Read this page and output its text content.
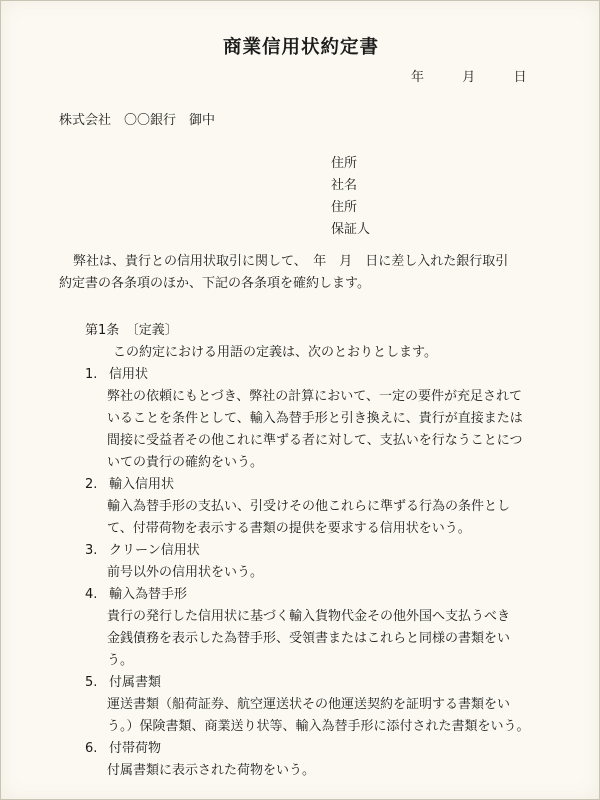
商業信用状約定書
年	月	日
株式会社　〇〇銀行　御中
住所
社名
住所
保証人
弊社は、貴行との信用状取引に関して、　年　月　日に差し入れた銀行取引
約定書の各条項のほか、下記の各条項を確約します。
第1条　〔定義〕
この約定における用語の定義は、次のとおりとします。
1. 信用状
弊社の依頼にもとづき、弊社の計算において、一定の要件が充足されて
いることを条件として、輸入為替手形と引き換えに、貴行が直接または
間接に受益者その他これに準ずる者に対して、支払いを行なうことにつ
いての貴行の確約をいう。
2. 輸入信用状
輸入為替手形の支払い、引受けその他これらに準ずる行為の条件とし
て、付帯荷物を表示する書類の提供を要求する信用状をいう。
3. クリーン信用状
前号以外の信用状をいう。
4. 輸入為替手形
貴行の発行した信用状に基づく輸入貨物代金その他外国へ支払うべき
金銭債務を表示した為替手形、受領書またはこれらと同様の書類をい
う。
5. 付属書類
運送書類（船荷証券、航空運送状その他運送契約を証明する書類をい
う。）保険書類、商業送り状等、輸入為替手形に添付された書類をいう。
6. 付帯荷物
付属書類に表示された荷物をいう。
